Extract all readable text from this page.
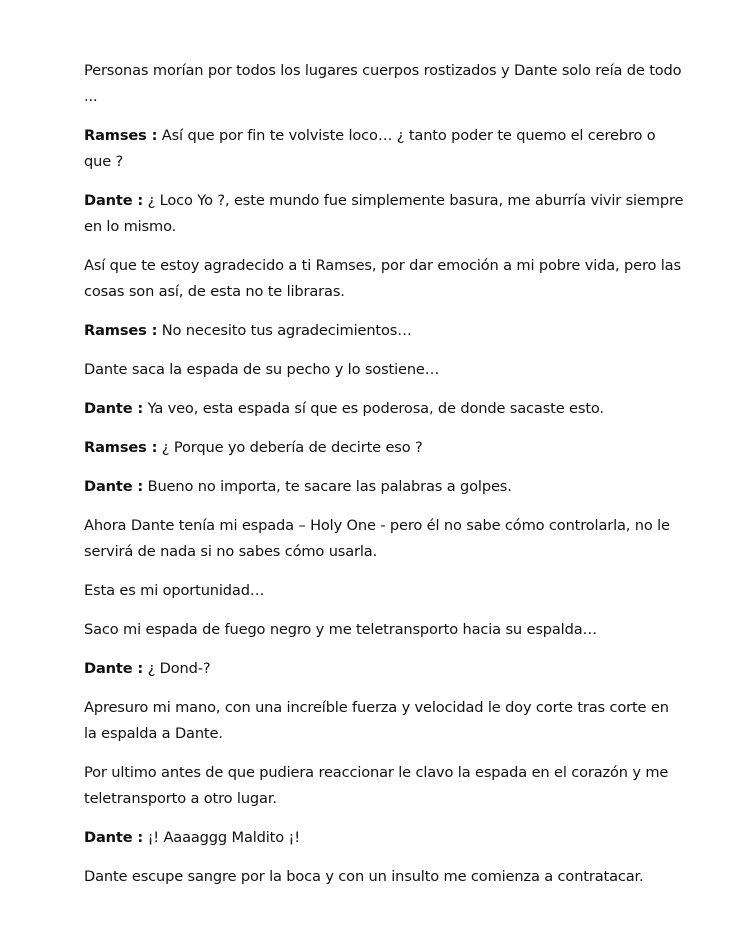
Personas morían por todos los lugares cuerpos rostizados y Dante solo reía de todo ...

Ramses : Así que por fin te volviste loco… ¿ tanto poder te quemo el cerebro o que ?

Dante : ¿ Loco Yo ?, este mundo fue simplemente basura, me aburría vivir siempre en lo mismo.

Así que te estoy agradecido a ti Ramses, por dar emoción a mi pobre vida, pero las cosas son así, de esta no te libraras.

Ramses : No necesito tus agradecimientos…

Dante saca la espada de su pecho y lo sostiene…

Dante : Ya veo, esta espada sí que es poderosa, de donde sacaste esto.

Ramses : ¿ Porque yo debería de decirte eso ?

Dante : Bueno no importa, te sacare las palabras a golpes.

Ahora Dante tenía mi espada – Holy One - pero él no sabe cómo controlarla, no le servirá de nada si no sabes cómo usarla.

Esta es mi oportunidad…

Saco mi espada de fuego negro y me teletransporto hacia su espalda…

Dante : ¿ Dond-?

Apresuro mi mano, con una increíble fuerza y velocidad le doy corte tras corte en la espalda a Dante.

Por ultimo antes de que pudiera reaccionar le clavo la espada en el corazón y me teletransporto a otro lugar.

Dante : ¡! Aaaaggg Maldito ¡!

Dante escupe sangre por la boca y con un insulto me comienza a contratacar.
